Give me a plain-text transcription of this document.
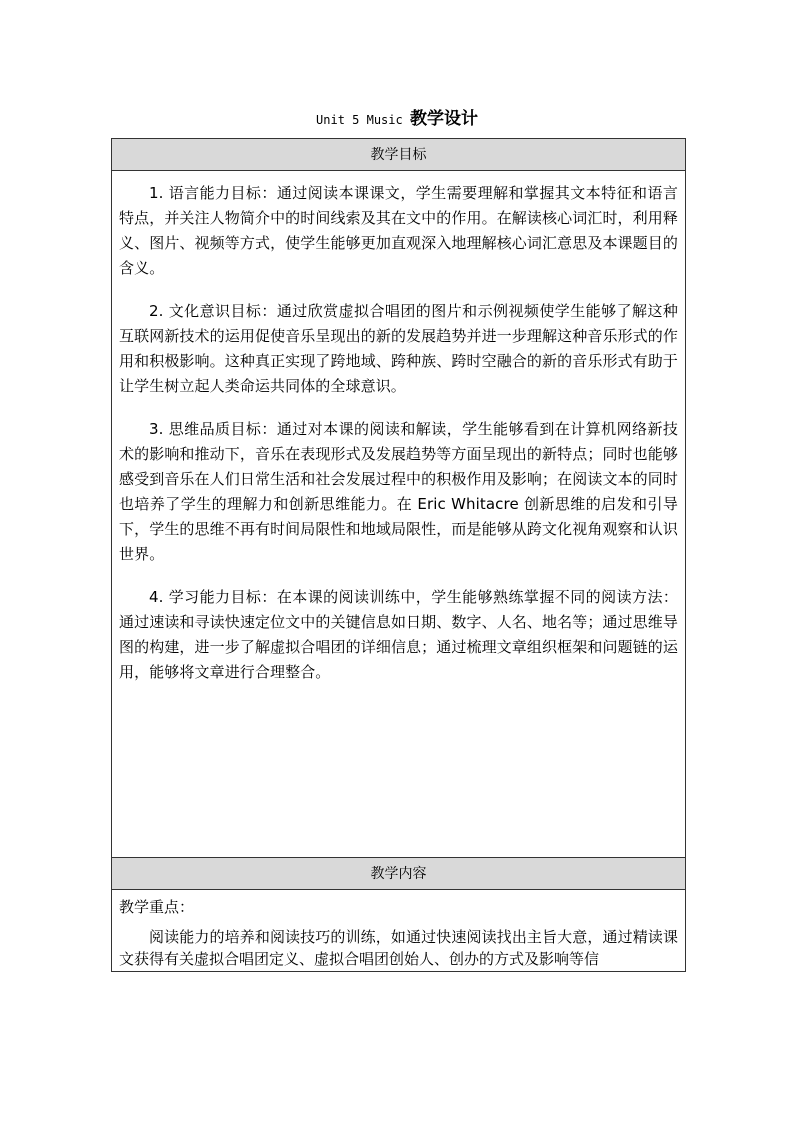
Unit 5 Music 教学设计
教学目标

1. 语言能力目标：通过阅读本课课文，学生需要理解和掌握其文本特征和语言特点，并关注人物简介中的时间线索及其在文中的作用。在解读核心词汇时，利用释义、图片、视频等方式，使学生能够更加直观深入地理解核心词汇意思及本课题目的含义。

2. 文化意识目标：通过欣赏虚拟合唱团的图片和示例视频使学生能够了解这种互联网新技术的运用促使音乐呈现出的新的发展趋势并进一步理解这种音乐形式的作用和积极影响。这种真正实现了跨地域、跨种族、跨时空融合的新的音乐形式有助于让学生树立起人类命运共同体的全球意识。

3. 思维品质目标：通过对本课的阅读和解读，学生能够看到在计算机网络新技术的影响和推动下，音乐在表现形式及发展趋势等方面呈现出的新特点；同时也能够感受到音乐在人们日常生活和社会发展过程中的积极作用及影响；在阅读文本的同时也培养了学生的理解力和创新思维能力。在 Eric Whitacre 创新思维的启发和引导下，学生的思维不再有时间局限性和地域局限性，而是能够从跨文化视角观察和认识世界。

4. 学习能力目标：在本课的阅读训练中，学生能够熟练掌握不同的阅读方法：通过速读和寻读快速定位文中的关键信息如日期、数字、人名、地名等；通过思维导图的构建，进一步了解虚拟合唱团的详细信息；通过梳理文章组织框架和问题链的运用，能够将文章进行合理整合。

教学内容

教学重点：

阅读能力的培养和阅读技巧的训练，如通过快速阅读找出主旨大意，通过精读课文获得有关虚拟合唱团定义、虚拟合唱团创始人、创办的方式及影响等信
